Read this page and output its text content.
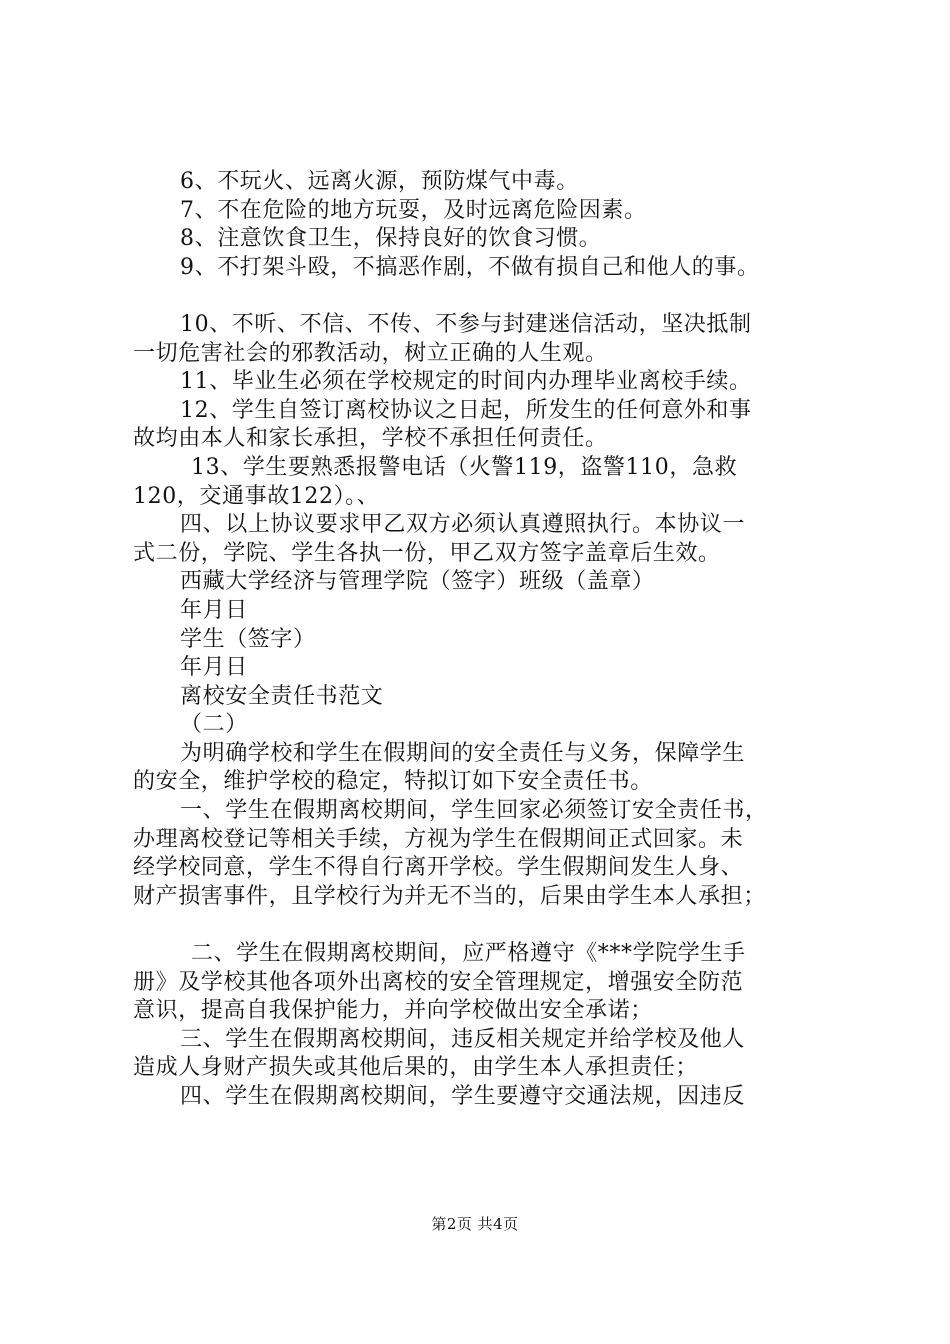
6、不玩火、远离火源，预防煤气中毒。
7、不在危险的地方玩耍，及时远离危险因素。
8、注意饮食卫生，保持良好的饮食习惯。
9、不打架斗殴，不搞恶作剧，不做有损自己和他人的事。
10、不听、不信、不传、不参与封建迷信活动，坚决抵制
一切危害社会的邪教活动，树立正确的人生观。
11、毕业生必须在学校规定的时间内办理毕业离校手续。
12、学生自签订离校协议之日起，所发生的任何意外和事
故均由本人和家长承担，学校不承担任何责任。
13、学生要熟悉报警电话（火警119，盗警110，急救
120，交通事故122）。、
四、以上协议要求甲乙双方必须认真遵照执行。本协议一
式二份，学院、学生各执一份，甲乙双方签字盖章后生效。
西藏大学经济与管理学院（签字）班级（盖章）
年月日
学生（签字）
年月日
离校安全责任书范文
（二）
为明确学校和学生在假期间的安全责任与义务，保障学生
的安全，维护学校的稳定，特拟订如下安全责任书。
一、学生在假期离校期间，学生回家必须签订安全责任书，
办理离校登记等相关手续，方视为学生在假期间正式回家。未
经学校同意，学生不得自行离开学校。学生假期间发生人身、
财产损害事件，且学校行为并无不当的，后果由学生本人承担；
二、学生在假期离校期间，应严格遵守《***学院学生手
册》及学校其他各项外出离校的安全管理规定，增强安全防范
意识，提高自我保护能力，并向学校做出安全承诺；
三、学生在假期离校期间，违反相关规定并给学校及他人
造成人身财产损失或其他后果的，由学生本人承担责任；
四、学生在假期离校期间，学生要遵守交通法规，因违反
第2页 共4页
